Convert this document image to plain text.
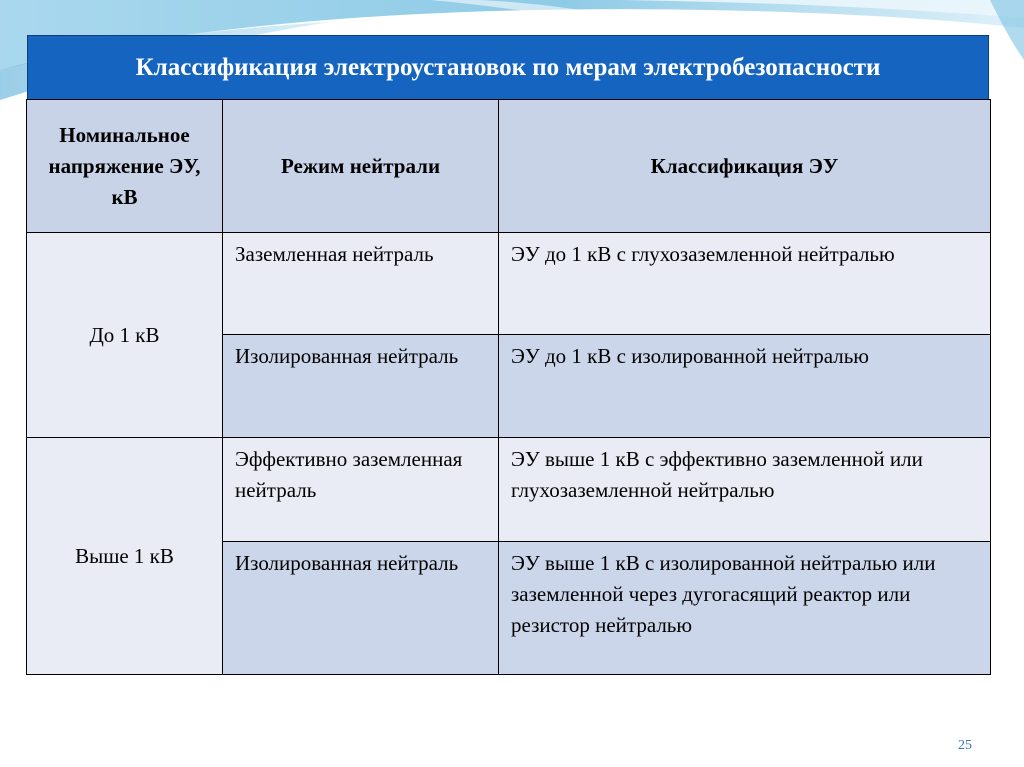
Классификация электроустановок по мерам электробезопасности
Номинальное напряжение ЭУ, кВ	Режим нейтрали	Классификация ЭУ
До 1 кВ	Заземленная нейтраль	ЭУ до 1 кВ с глухозаземленной нейтралью
	Изолированная нейтраль	ЭУ до 1 кВ с изолированной нейтралью
Выше 1 кВ	Эффективно заземленная нейтраль	ЭУ выше 1 кВ с эффективно заземленной или глухозаземленной нейтралью
	Изолированная нейтраль	ЭУ выше 1 кВ с изолированной нейтралью или заземленной через дугогасящий реактор или резистор нейтралью
25
